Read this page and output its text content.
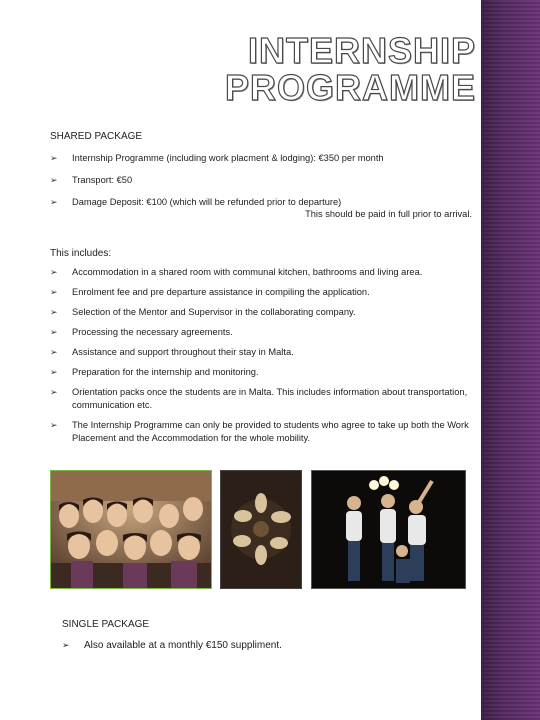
INTERNSHIP
PROGRAMME
SHARED PACKAGE
➢ Internship Programme (including work placment & lodging): €350 per month
➢ Transport: €50
➢ Damage Deposit: €100 (which will be refunded prior to departure)
This should be paid in full prior to arrival.
This includes:
➢ Accommodation in a shared room with communal kitchen, bathrooms and living area.
➢ Enrolment fee and pre departure assistance in compiling the application.
➢ Selection of the Mentor and Supervisor in the collaborating company.
➢ Processing the necessary agreements.
➢ Assistance and support throughout their stay in Malta.
➢ Preparation for the internship and monitoring.
➢ Orientation packs once the students are in Malta. This includes information about transportation, communication etc.
➢ The Internship Programme can only be provided to students who agree to take up both the Work Placement and the Accommodation for the whole mobility.
SINGLE PACKAGE
➢ Also available at a monthly €150 suppliment.
